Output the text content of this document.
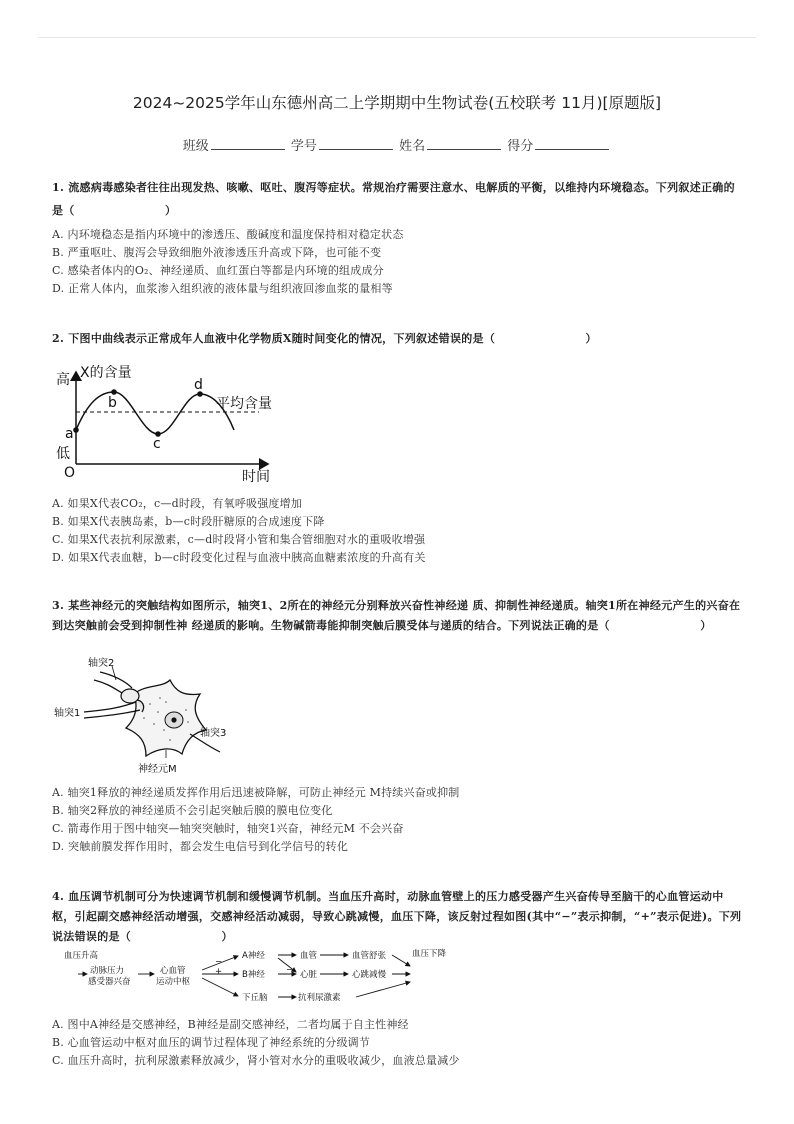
2024~2025学年山东德州高二上学期期中生物试卷(五校联考 11月)[原题版]
班级	学号	姓名	得分
1. 流感病毒感染者往往出现发热、咳嗽、呕吐、腹泻等症状。常规治疗需要注意水、电解质的平衡，以维持内环境稳态。下列叙述正确的是（　　　　　　　　）
A. 内环境稳态是指内环境中的渗透压、酸碱度和温度保持相对稳定状态
B. 严重呕吐、腹泻会导致细胞外液渗透压升高或下降，也可能不变
C. 感染者体内的O₂、神经递质、血红蛋白等都是内环境的组成成分
D. 正常人体内，血浆渗入组织液的液体量与组织液回渗血浆的量相等
2. 下图中曲线表示正常成年人血液中化学物质X随时间变化的情况，下列叙述错误的是（　　　　　　　　）
高
低
O
X的含量
时间
平均含量
a
b
c
d
A. 如果X代表CO₂，c—d时段，有氧呼吸强度增加
B. 如果X代表胰岛素，b—c时段肝糖原的合成速度下降
C. 如果X代表抗利尿激素，c—d时段肾小管和集合管细胞对水的重吸收增强
D. 如果X代表血糖，b—c时段变化过程与血液中胰高血糖素浓度的升高有关
3. 某些神经元的突触结构如图所示，轴突1、2所在的神经元分别释放兴奋性神经递 质、抑制性神经递质。轴突1所在神经元产生的兴奋在到达突触前会受到抑制性神 经递质的影响。生物碱箭毒能抑制突触后膜受体与递质的结合。下列说法正确的是（　　　　　　　　）
轴突2
轴突1
轴突3
神经元M
A. 轴突1释放的神经递质发挥作用后迅速被降解，可防止神经元 M持续兴奋或抑制
B. 轴突2释放的神经递质不会引起突触后膜的膜电位变化
C. 箭毒作用于图中轴突—轴突突触时，轴突1兴奋，神经元M 不会兴奋
D. 突触前膜发挥作用时，都会发生电信号到化学信号的转化
4. 血压调节机制可分为快速调节机制和缓慢调节机制。当血压升高时，动脉血管壁上的压力感受器产生兴奋传导至脑干的心血管运动中枢，引起副交感神经活动增强，交感神经活动减弱，导致心跳减慢，血压下降，该反射过程如图(其中“−”表示抑制，“+”表示促进)。下列说法错误的是（　　　　　　　　）
血压升高
动脉压力
感受器兴奋
心血管
运动中枢
A神经
B神经
下丘脑
血管
心脏
抗利尿激素
血管舒张
心跳减慢
血压下降
−
+	−
A. 图中A神经是交感神经，B神经是副交感神经，二者均属于自主性神经
B. 心血管运动中枢对血压的调节过程体现了神经系统的分级调节
C. 血压升高时，抗利尿激素释放减少，肾小管对水分的重吸收减少，血液总量减少
